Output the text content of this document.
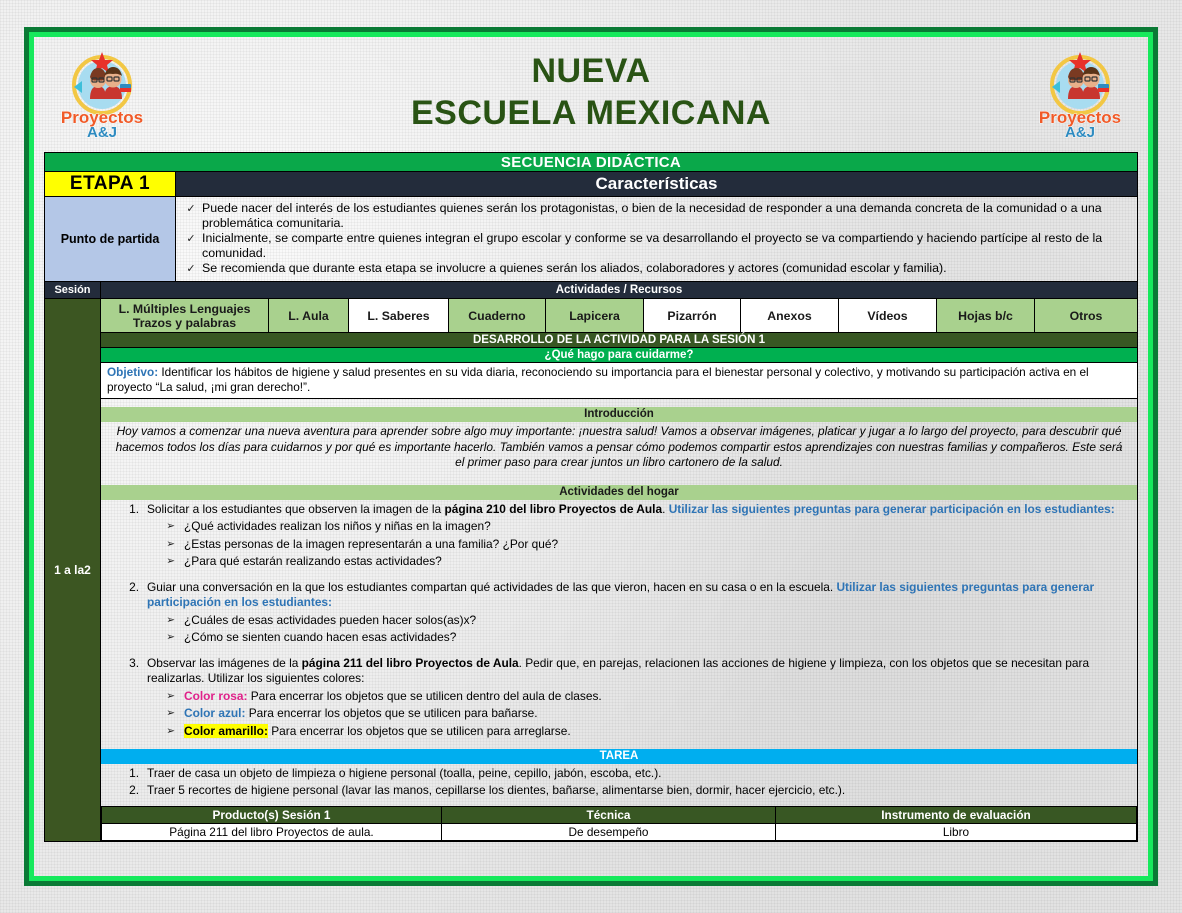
Proyectos
A&J
NUEVA
ESCUELA MEXICANA	Proyectos
A&J
SECUENCIA DIDÁCTICA
ETAPA 1	Características
Punto de partida
✓ Puede nacer del interés de los estudiantes quienes serán los protagonistas, o bien de la necesidad de responder a una demanda concreta de la comunidad o a una problemática comunitaria.
✓ Inicialmente, se comparte entre quienes integran el grupo escolar y conforme se va desarrollando el proyecto se va compartiendo y haciendo partícipe al resto de la comunidad.
✓ Se recomienda que durante esta etapa se involucre a quienes serán los aliados, colaboradores y actores (comunidad escolar y familia).
Sesión	Actividades / Recursos
1 a la 2
L. Múltiples Lenguajes
Trazos y palabras	L. Aula	L. Saberes	Cuaderno	Lapicera	Pizarrón	Anexos	Vídeos	Hojas b/c	Otros
DESARROLLO DE LA ACTIVIDAD PARA LA SESIÓN 1
¿Qué hago para cuidarme?
Objetivo: Identificar los hábitos de higiene y salud presentes en su vida diaria, reconociendo su importancia para el bienestar personal y colectivo, y motivando su participación activa en el proyecto “La salud, ¡mi gran derecho!”.
Introducción
Hoy vamos a comenzar una nueva aventura para aprender sobre algo muy importante: ¡nuestra salud! Vamos a observar imágenes, platicar y jugar a lo largo del proyecto, para descubrir qué hacemos todos los días para cuidarnos y por qué es importante hacerlo. También vamos a pensar cómo podemos compartir estos aprendizajes con nuestras familias y compañeros. Este será el primer paso para crear juntos un libro cartonero de la salud.
Actividades del hogar
1. Solicitar a los estudiantes que observen la imagen de la página 210 del libro Proyectos de Aula. Utilizar las siguientes preguntas para generar participación en los estudiantes:
➢ ¿Qué actividades realizan los niños y niñas en la imagen?
➢ ¿Estas personas de la imagen representarán a una familia? ¿Por qué?
➢ ¿Para qué estarán realizando estas actividades?
2. Guiar una conversación en la que los estudiantes compartan qué actividades de las que vieron, hacen en su casa o en la escuela. Utilizar las siguientes preguntas para generar participación en los estudiantes:
➢ ¿Cuáles de esas actividades pueden hacer solos(as)x?
➢ ¿Cómo se sienten cuando hacen esas actividades?
3. Observar las imágenes de la página 211 del libro Proyectos de Aula. Pedir que, en parejas, relacionen las acciones de higiene y limpieza, con los objetos que se necesitan para realizarlas. Utilizar los siguientes colores:
➢ Color rosa: Para encerrar los objetos que se utilicen dentro del aula de clases.
➢ Color azul: Para encerrar los objetos que se utilicen para bañarse.
➢ Color amarillo: Para encerrar los objetos que se utilicen para arreglarse.
TAREA
1. Traer de casa un objeto de limpieza o higiene personal (toalla, peine, cepillo, jabón, escoba, etc.).
2. Traer 5 recortes de higiene personal (lavar las manos, cepillarse los dientes, bañarse, alimentarse bien, dormir, hacer ejercicio, etc.).
Producto(s) Sesión 1	Técnica	Instrumento de evaluación
Página 211 del libro Proyectos de aula.	De desempeño	Libro
